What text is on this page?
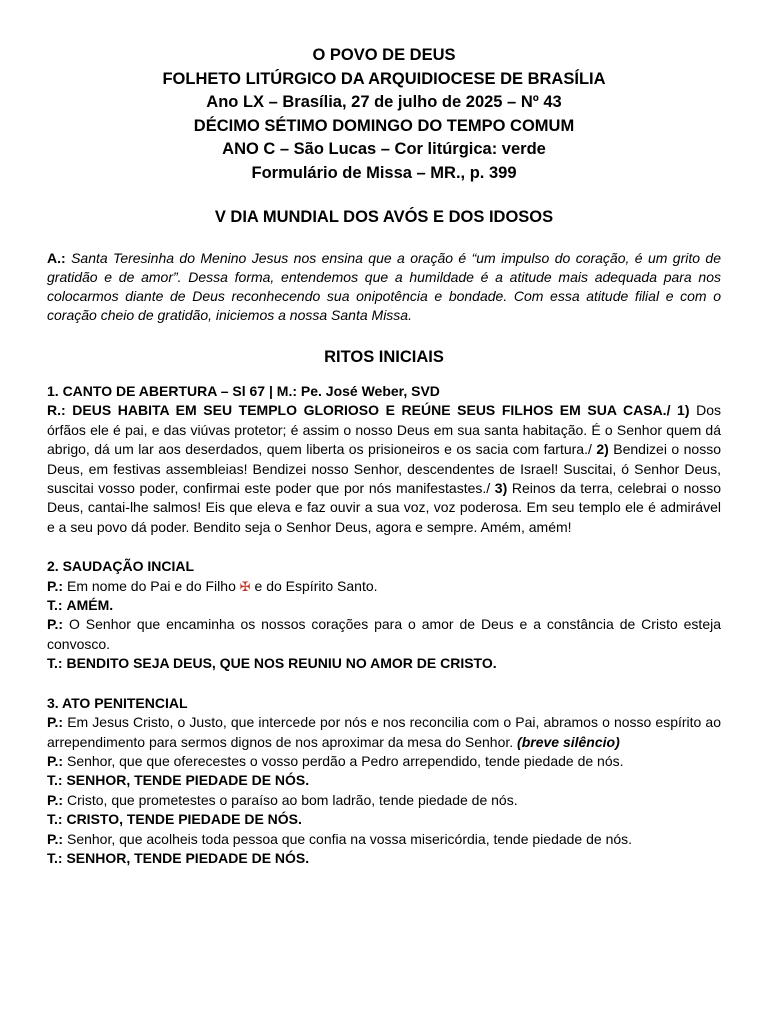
O POVO DE DEUS
FOLHETO LITÚRGICO DA ARQUIDIOCESE DE BRASÍLIA
Ano LX – Brasília, 27 de julho de 2025 – Nº 43
DÉCIMO SÉTIMO DOMINGO DO TEMPO COMUM
ANO C – São Lucas – Cor litúrgica: verde
Formulário de Missa – MR., p. 399
V DIA MUNDIAL DOS AVÓS E DOS IDOSOS
A.: Santa Teresinha do Menino Jesus nos ensina que a oração é “um impulso do coração, é um grito de gratidão e de amor”. Dessa forma, entendemos que a humildade é a atitude mais adequada para nos colocarmos diante de Deus reconhecendo sua onipotência e bondade. Com essa atitude filial e com o coração cheio de gratidão, iniciemos a nossa Santa Missa.
RITOS INICIAIS

1. CANTO DE ABERTURA – Sl 67 | M.: Pe. José Weber, SVD

R.: DEUS HABITA EM SEU TEMPLO GLORIOSO E REÚNE SEUS FILHOS EM SUA CASA./ 1) Dos órfãos ele é pai, e das viúvas protetor; é assim o nosso Deus em sua santa habitação. É o Senhor quem dá abrigo, dá um lar aos deserdados, quem liberta os prisioneiros e os sacia com fartura./ 2) Bendizei o nosso Deus, em festivas assembleias! Bendizei nosso Senhor, descendentes de Israel! Suscitai, ó Senhor Deus, suscitai vosso poder, confirmai este poder que por nós manifestastes./ 3) Reinos da terra, celebrai o nosso Deus, cantai-lhe salmos! Eis que eleva e faz ouvir a sua voz, voz poderosa. Em seu templo ele é admirável e a seu povo dá poder. Bendito seja o Senhor Deus, agora e sempre. Amém, amém!

2. SAUDAÇÃO INCIAL

P.: Em nome do Pai e do Filho ✠ e do Espírito Santo.

T.: AMÉM.

P.: O Senhor que encaminha os nossos corações para o amor de Deus e a constância de Cristo esteja convosco.

T.: BENDITO SEJA DEUS, QUE NOS REUNIU NO AMOR DE CRISTO.

3. ATO PENITENCIAL

P.: Em Jesus Cristo, o Justo, que intercede por nós e nos reconcilia com o Pai, abramos o nosso espírito ao arrependimento para sermos dignos de nos aproximar da mesa do Senhor. (breve silêncio)

P.: Senhor, que que oferecestes o vosso perdão a Pedro arrependido, tende piedade de nós.

T.: SENHOR, TENDE PIEDADE DE NÓS.

P.: Cristo, que prometestes o paraíso ao bom ladrão, tende piedade de nós.

T.: CRISTO, TENDE PIEDADE DE NÓS.

P.: Senhor, que acolheis toda pessoa que confia na vossa misericórdia, tende piedade de nós.

T.: SENHOR, TENDE PIEDADE DE NÓS.
